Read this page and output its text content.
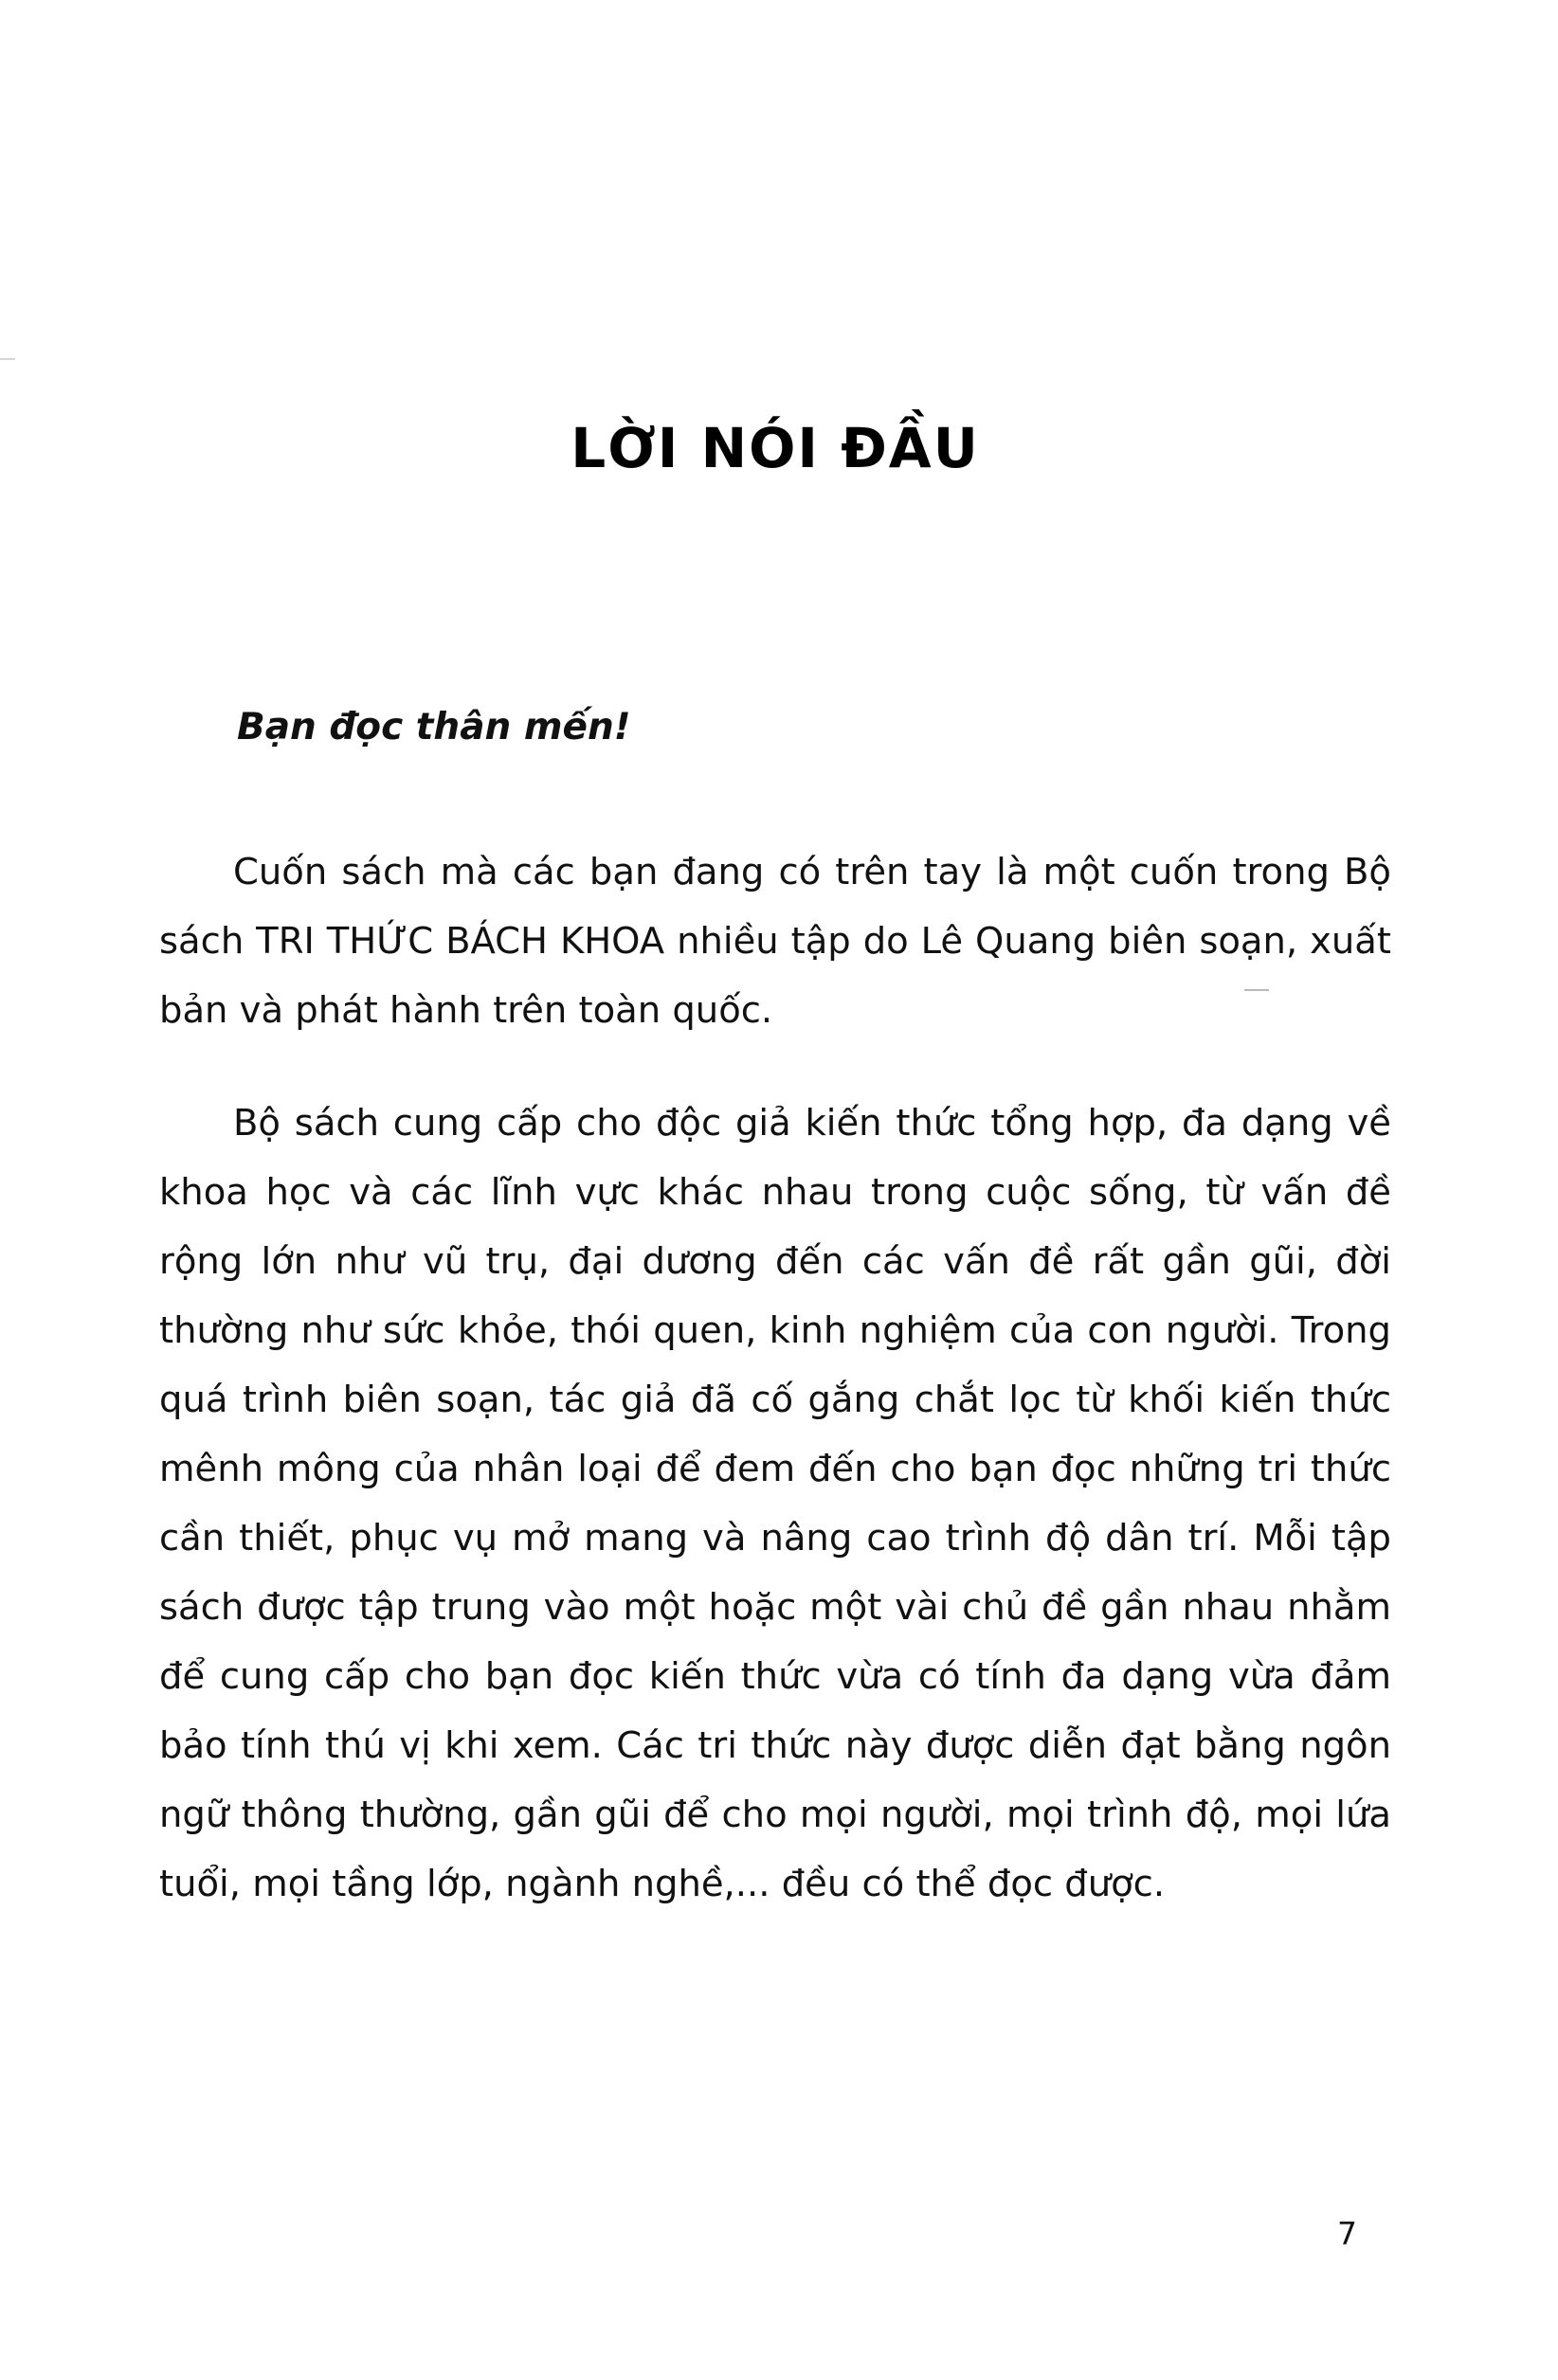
LỜI NÓI ĐẦU
Bạn đọc thân mến!

Cuốn sách mà các bạn đang có trên tay là một cuốn trong Bộ sách TRI THỨC BÁCH KHOA nhiều tập do Lê Quang biên soạn, xuất bản và phát hành trên toàn quốc.

Bộ sách cung cấp cho độc giả kiến thức tổng hợp, đa dạng về khoa học và các lĩnh vực khác nhau trong cuộc sống, từ vấn đề rộng lớn như vũ trụ, đại dương đến các vấn đề rất gần gũi, đời thường như sức khỏe, thói quen, kinh nghiệm của con người. Trong quá trình biên soạn, tác giả đã cố gắng chắt lọc từ khối kiến thức mênh mông của nhân loại để đem đến cho bạn đọc những tri thức cần thiết, phục vụ mở mang và nâng cao trình độ dân trí. Mỗi tập sách được tập trung vào một hoặc một vài chủ đề gần nhau nhằm để cung cấp cho bạn đọc kiến thức vừa có tính đa dạng vừa đảm bảo tính thú vị khi xem. Các tri thức này được diễn đạt bằng ngôn ngữ thông thường, gần gũi để cho mọi người, mọi trình độ, mọi lứa tuổi, mọi tầng lớp, ngành nghề,... đều có thể đọc được.

7
